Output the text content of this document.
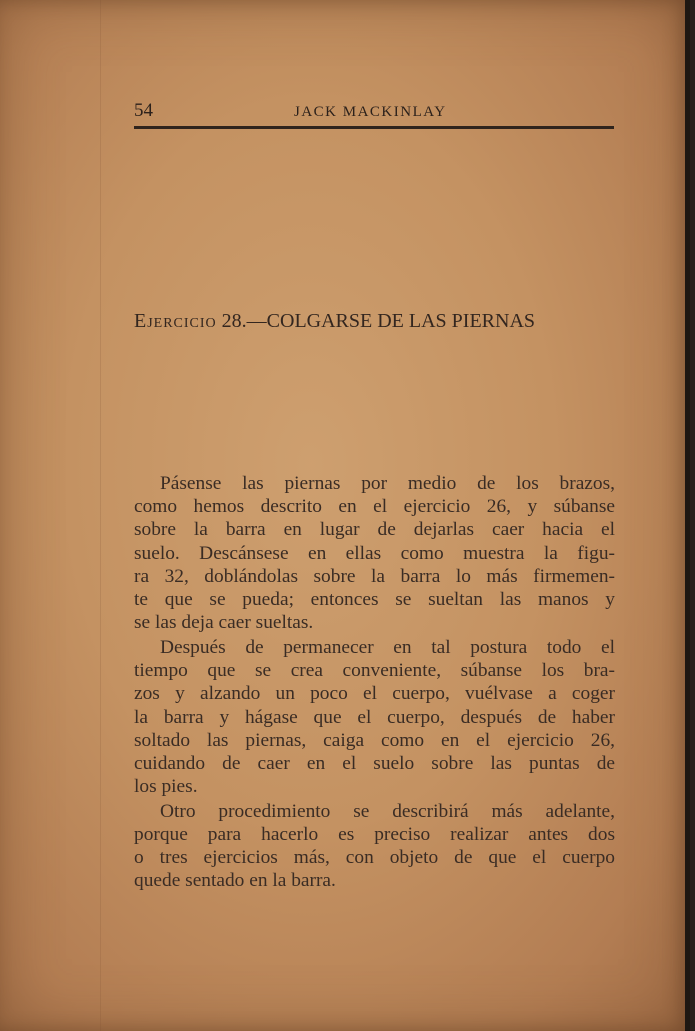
54	JACK MACKINLAY
Ejercicio 28.—COLGARSE DE LAS PIERNAS
Pásense las piernas por medio de los brazos,
como hemos descrito en el ejercicio 26, y súbanse
sobre la barra en lugar de dejarlas caer hacia el
suelo. Descánsese en ellas como muestra la figu-
ra 32, doblándolas sobre la barra lo más firmemen-
te que se pueda; entonces se sueltan las manos y
se las deja caer sueltas.
Después de permanecer en tal postura todo el
tiempo que se crea conveniente, súbanse los bra-
zos y alzando un poco el cuerpo, vuélvase a coger
la barra y hágase que el cuerpo, después de haber
soltado las piernas, caiga como en el ejercicio 26,
cuidando de caer en el suelo sobre las puntas de
los pies.
Otro procedimiento se describirá más adelante,
porque para hacerlo es preciso realizar antes dos
o tres ejercicios más, con objeto de que el cuerpo
quede sentado en la barra.
